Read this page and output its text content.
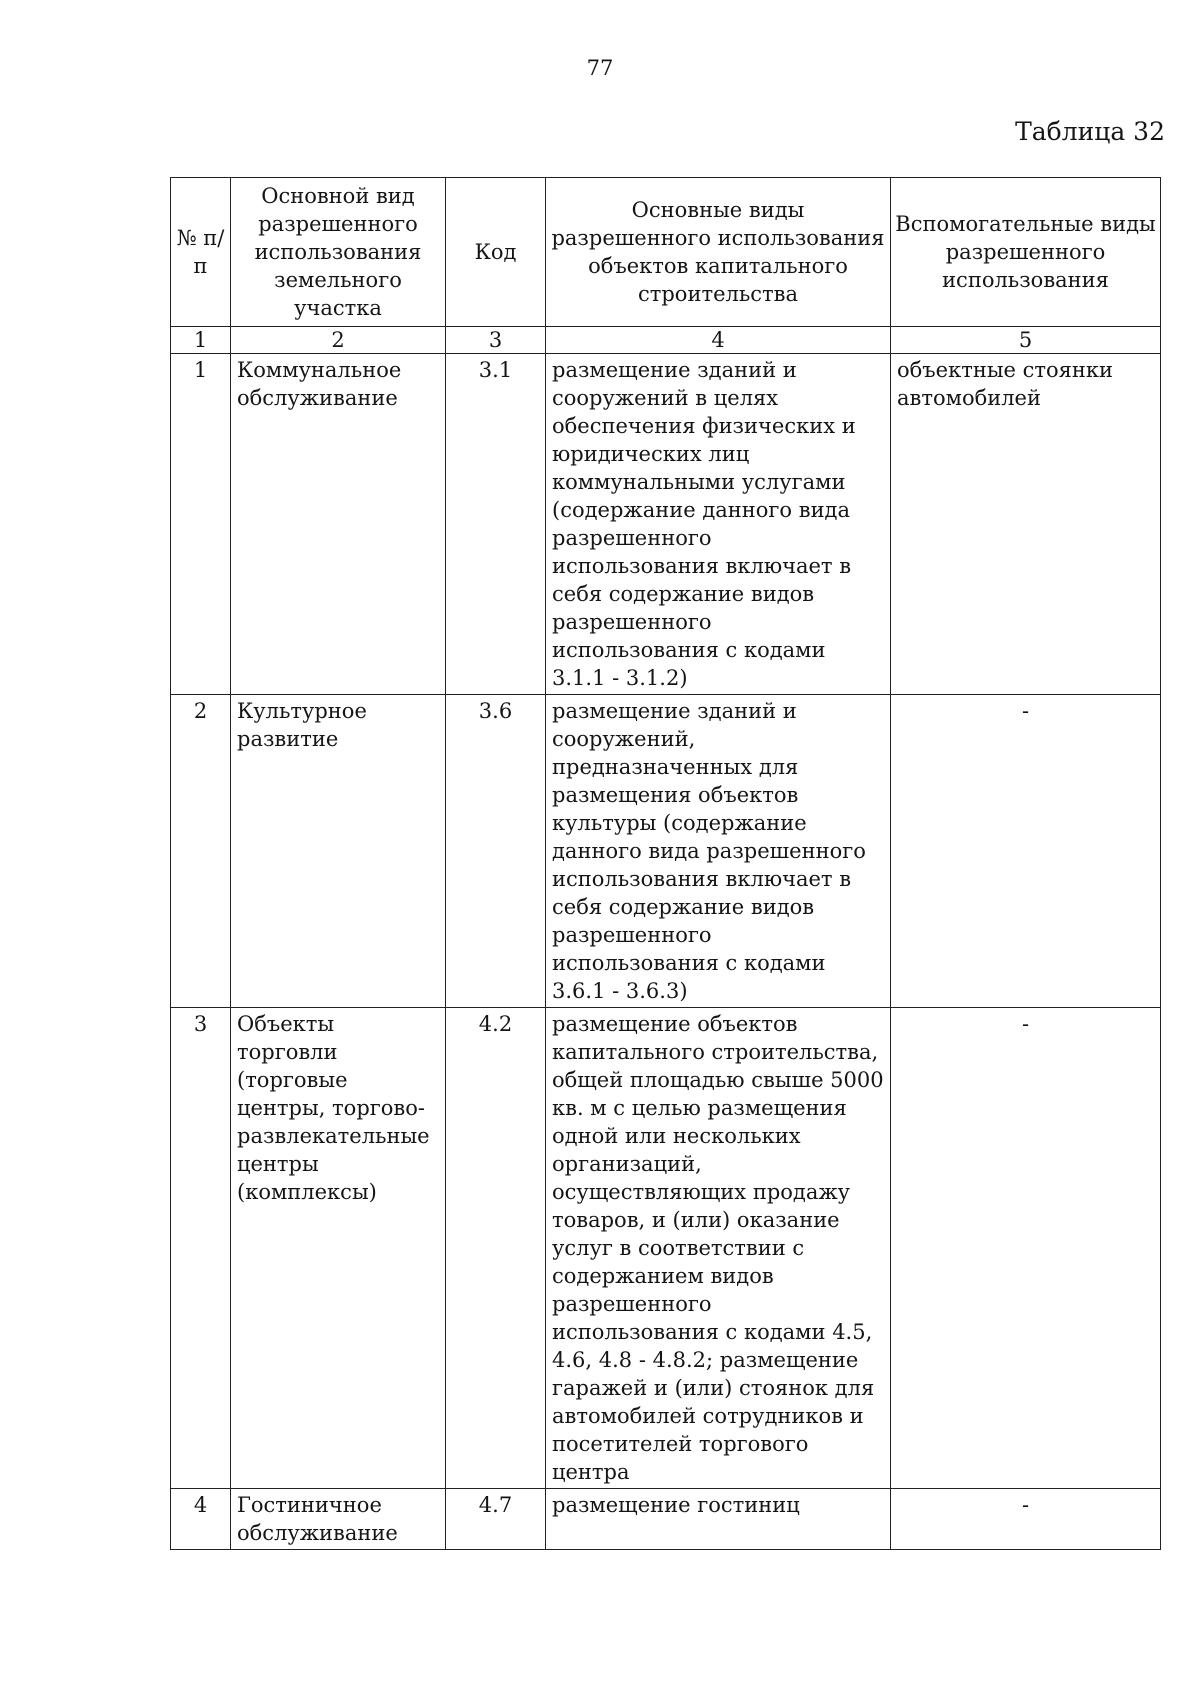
77
Таблица 32
№ п/п	Основной вид разрешенного использования земельного участка	Код	Основные виды разрешенного использования объектов капитального строительства	Вспомогательные виды разрешенного использования
1	2	3	4	5
1	Коммунальное обслуживание	3.1	размещение зданий и сооружений в целях обеспечения физических и юридических лиц коммунальными услугами (содержание данного вида разрешенного использования включает в себя содержание видов разрешенного использования с кодами 3.1.1 - 3.1.2)	объектные стоянки автомобилей
2	Культурное развитие	3.6	размещение зданий и сооружений, предназначенных для размещения объектов культуры (содержание данного вида разрешенного использования включает в себя содержание видов разрешенного использования с кодами 3.6.1 - 3.6.3)	-
3	Объекты торговли (торговые центры, торгово-развлекательные центры (комплексы)	4.2	размещение объектов капитального строительства, общей площадью свыше 5000 кв. м с целью размещения одной или нескольких организаций, осуществляющих продажу товаров, и (или) оказание услуг в соответствии с содержанием видов разрешенного использования с кодами 4.5, 4.6, 4.8 - 4.8.2; размещение гаражей и (или) стоянок для автомобилей сотрудников и посетителей торгового центра	-
4	Гостиничное обслуживание	4.7	размещение гостиниц	-
